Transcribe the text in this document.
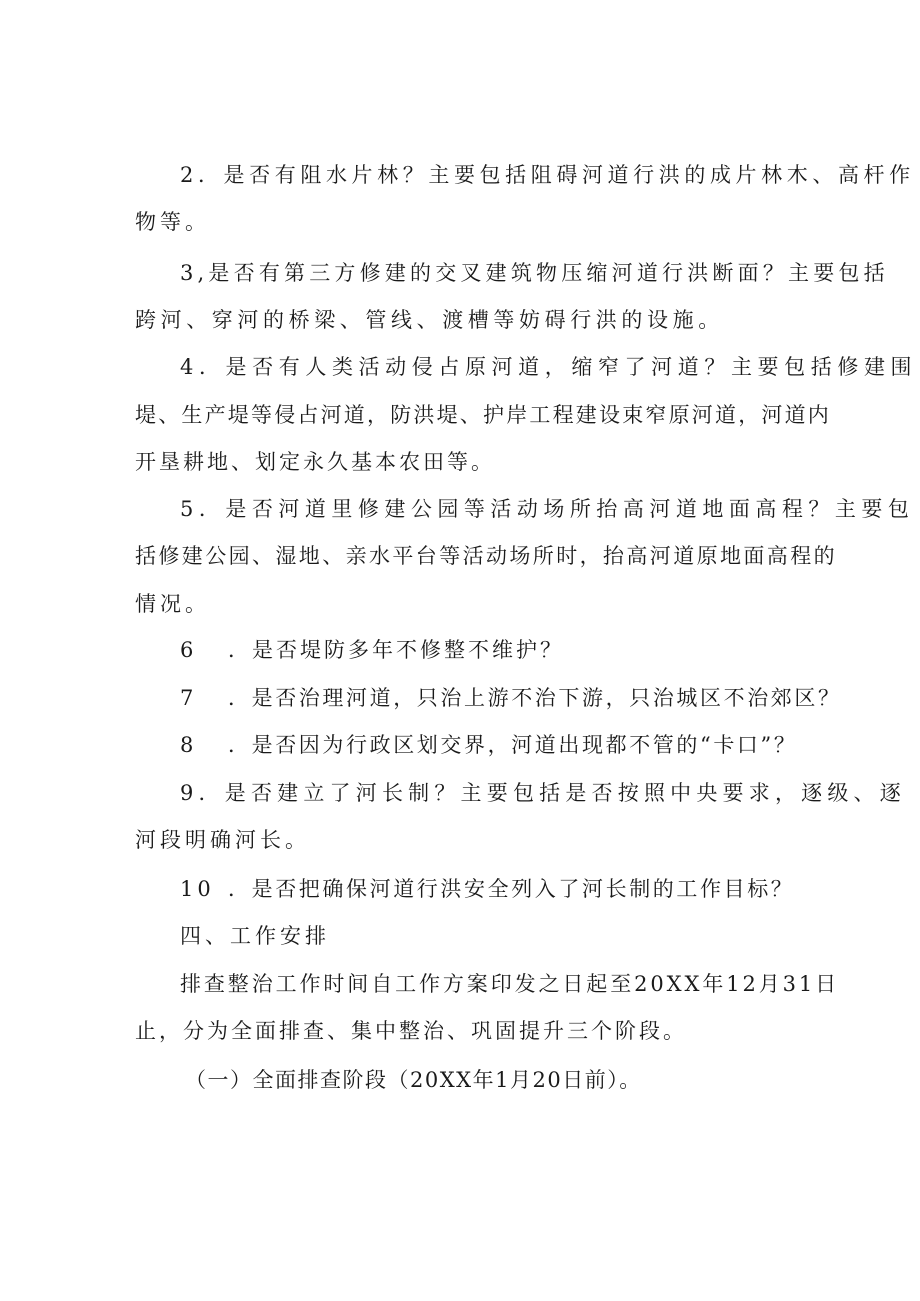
2．是否有阻水片林？主要包括阻碍河道行洪的成片林木、高杆作
物等。
3,是否有第三方修建的交叉建筑物压缩河道行洪断面？主要包括
跨河、穿河的桥梁、管线、渡槽等妨碍行洪的设施。
4．是否有人类活动侵占原河道，缩窄了河道？主要包括修建围
堤、生产堤等侵占河道，防洪堤、护岸工程建设束窄原河道，河道内
开垦耕地、划定永久基本农田等。
5．是否河道里修建公园等活动场所抬高河道地面高程？主要包
括修建公园、湿地、亲水平台等活动场所时，抬高河道原地面高程的
情况。
6 ．是否堤防多年不修整不维护？
7 ．是否治理河道，只治上游不治下游，只治城区不治郊区？
8 ．是否因为行政区划交界，河道出现都不管的“卡口”？
9．是否建立了河长制？主要包括是否按照中央要求，逐级、逐
河段明确河长。
10 ．是否把确保河道行洪安全列入了河长制的工作目标？
四、工作安排
排查整治工作时间自工作方案印发之日起至20XX年12月31日
止，分为全面排查、集中整治、巩固提升三个阶段。
（一）全面排查阶段（20XX年1月20日前）。
